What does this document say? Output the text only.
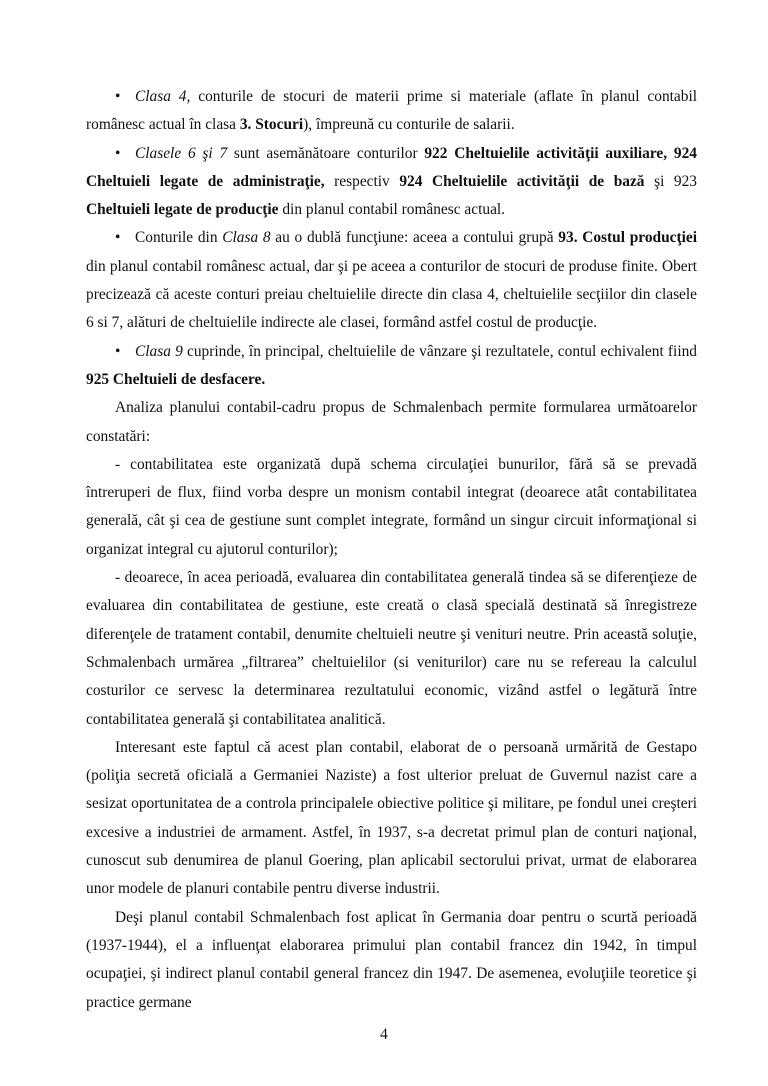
• Clasa 4, conturile de stocuri de materii prime si materiale (aflate în planul contabil românesc actual în clasa 3. Stocuri), împreună cu conturile de salarii.

• Clasele 6 şi 7 sunt asemănătoare conturilor 922 Cheltuielile activităţii auxiliare, 924 Cheltuieli legate de administraţie, respectiv 924 Cheltuielile activităţii de bază şi 923 Cheltuieli legate de producţie din planul contabil românesc actual.

• Conturile din Clasa 8 au o dublă funcţiune: aceea a contului grupă 93. Costul producţiei din planul contabil românesc actual, dar şi pe aceea a conturilor de stocuri de produse finite. Obert precizează că aceste conturi preiau cheltuielile directe din clasa 4, cheltuielile secţiilor din clasele 6 si 7, alături de cheltuielile indirecte ale clasei, formând astfel costul de producţie.

• Clasa 9 cuprinde, în principal, cheltuielile de vânzare şi rezultatele, contul echivalent fiind 925 Cheltuieli de desfacere.

Analiza planului contabil-cadru propus de Schmalenbach permite formularea următoarelor constatări:

- contabilitatea este organizată după schema circulaţiei bunurilor, fără să se prevadă întreruperi de flux, fiind vorba despre un monism contabil integrat (deoarece atât contabilitatea generală, cât şi cea de gestiune sunt complet integrate, formând un singur circuit informaţional si organizat integral cu ajutorul conturilor);

- deoarece, în acea perioadă, evaluarea din contabilitatea generală tindea să se diferenţieze de evaluarea din contabilitatea de gestiune, este creată o clasă specială destinată să înregistreze diferenţele de tratament contabil, denumite cheltuieli neutre şi venituri neutre. Prin această soluţie, Schmalenbach urmărea „filtrarea” cheltuielilor (si veniturilor) care nu se refereau la calculul costurilor ce servesc la determinarea rezultatului economic, vizând astfel o legătură între contabilitatea generală şi contabilitatea analitică.

Interesant este faptul că acest plan contabil, elaborat de o persoană urmărită de Gestapo (poliţia secretă oficială a Germaniei Naziste) a fost ulterior preluat de Guvernul nazist care a sesizat oportunitatea de a controla principalele obiective politice şi militare, pe fondul unei creşteri excesive a industriei de armament. Astfel, în 1937, s-a decretat primul plan de conturi naţional, cunoscut sub denumirea de planul Goering, plan aplicabil sectorului privat, urmat de elaborarea unor modele de planuri contabile pentru diverse industrii.

Deşi planul contabil Schmalenbach fost aplicat în Germania doar pentru o scurtă perioadă (1937-1944), el a influenţat elaborarea primului plan contabil francez din 1942, în timpul ocupaţiei, şi indirect planul contabil general francez din 1947. De asemenea, evoluţiile teoretice şi practice germane

4
